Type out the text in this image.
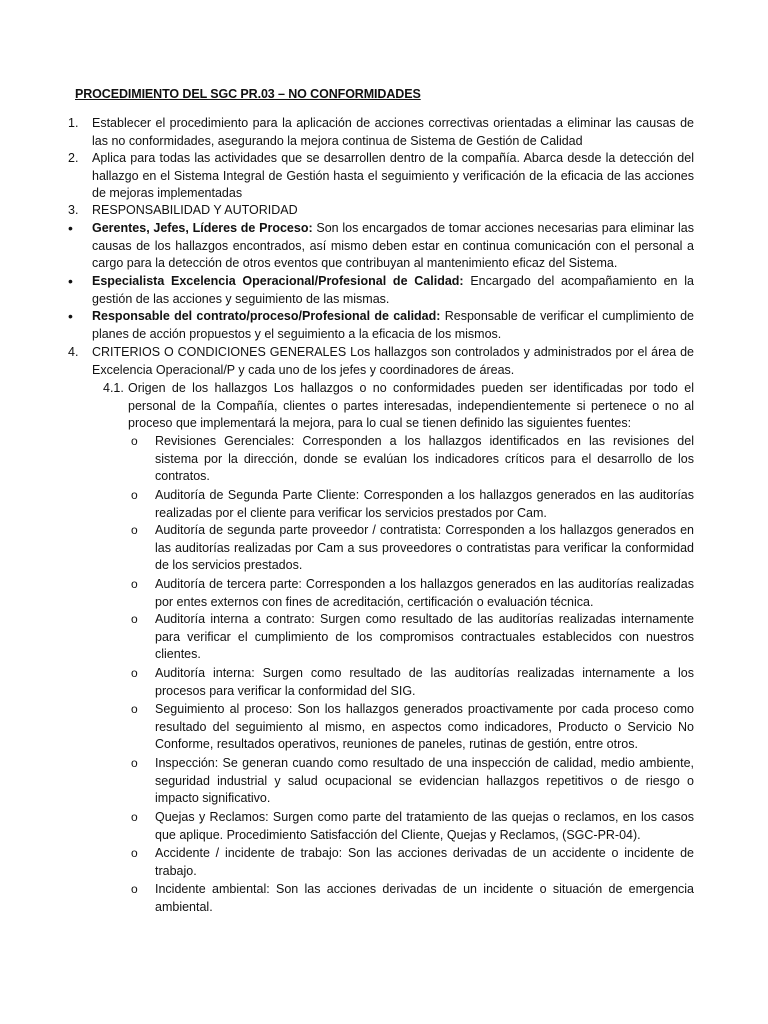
PROCEDIMIENTO DEL SGC PR.03 – NO CONFORMIDADES
1. Establecer el procedimiento para la aplicación de acciones correctivas orientadas a eliminar las causas de las no conformidades, asegurando la mejora continua de Sistema de Gestión de Calidad
2. Aplica para todas las actividades que se desarrollen dentro de la compañía. Abarca desde la detección del hallazgo en el Sistema Integral de Gestión hasta el seguimiento y verificación de la eficacia de las acciones de mejoras implementadas
3. RESPONSABILIDAD Y AUTORIDAD
• Gerentes, Jefes, Líderes de Proceso: Son los encargados de tomar acciones necesarias para eliminar las causas de los hallazgos encontrados, así mismo deben estar en continua comunicación con el personal a cargo para la detección de otros eventos que contribuyan al mantenimiento eficaz del Sistema.
• Especialista Excelencia Operacional/Profesional de Calidad: Encargado del acompañamiento en la gestión de las acciones y seguimiento de las mismas.
• Responsable del contrato/proceso/Profesional de calidad: Responsable de verificar el cumplimiento de planes de acción propuestos y el seguimiento a la eficacia de los mismos.
4. CRITERIOS O CONDICIONES GENERALES Los hallazgos son controlados y administrados por el área de Excelencia Operacional/P y cada uno de los jefes y coordinadores de áreas.
4.1. Origen de los hallazgos Los hallazgos o no conformidades pueden ser identificadas por todo el personal de la Compañía, clientes o partes interesadas, independientemente si pertenece o no al proceso que implementará la mejora, para lo cual se tienen definido las siguientes fuentes:
o Revisiones Gerenciales: Corresponden a los hallazgos identificados en las revisiones del sistema por la dirección, donde se evalúan los indicadores críticos para el desarrollo de los contratos.
o Auditoría de Segunda Parte Cliente: Corresponden a los hallazgos generados en las auditorías realizadas por el cliente para verificar los servicios prestados por Cam.
o Auditoría de segunda parte proveedor / contratista: Corresponden a los hallazgos generados en las auditorías realizadas por Cam a sus proveedores o contratistas para verificar la conformidad de los servicios prestados.
o Auditoría de tercera parte: Corresponden a los hallazgos generados en las auditorías realizadas por entes externos con fines de acreditación, certificación o evaluación técnica.
o Auditoría interna a contrato: Surgen como resultado de las auditorías realizadas internamente para verificar el cumplimiento de los compromisos contractuales establecidos con nuestros clientes.
o Auditoría interna: Surgen como resultado de las auditorías realizadas internamente a los procesos para verificar la conformidad del SIG.
o Seguimiento al proceso: Son los hallazgos generados proactivamente por cada proceso como resultado del seguimiento al mismo, en aspectos como indicadores, Producto o Servicio No Conforme, resultados operativos, reuniones de paneles, rutinas de gestión, entre otros.
o Inspección: Se generan cuando como resultado de una inspección de calidad, medio ambiente, seguridad industrial y salud ocupacional se evidencian hallazgos repetitivos o de riesgo o impacto significativo.
o Quejas y Reclamos: Surgen como parte del tratamiento de las quejas o reclamos, en los casos que aplique. Procedimiento Satisfacción del Cliente, Quejas y Reclamos, (SGC-PR-04).
o Accidente / incidente de trabajo: Son las acciones derivadas de un accidente o incidente de trabajo.
o Incidente ambiental: Son las acciones derivadas de un incidente o situación de emergencia ambiental.
